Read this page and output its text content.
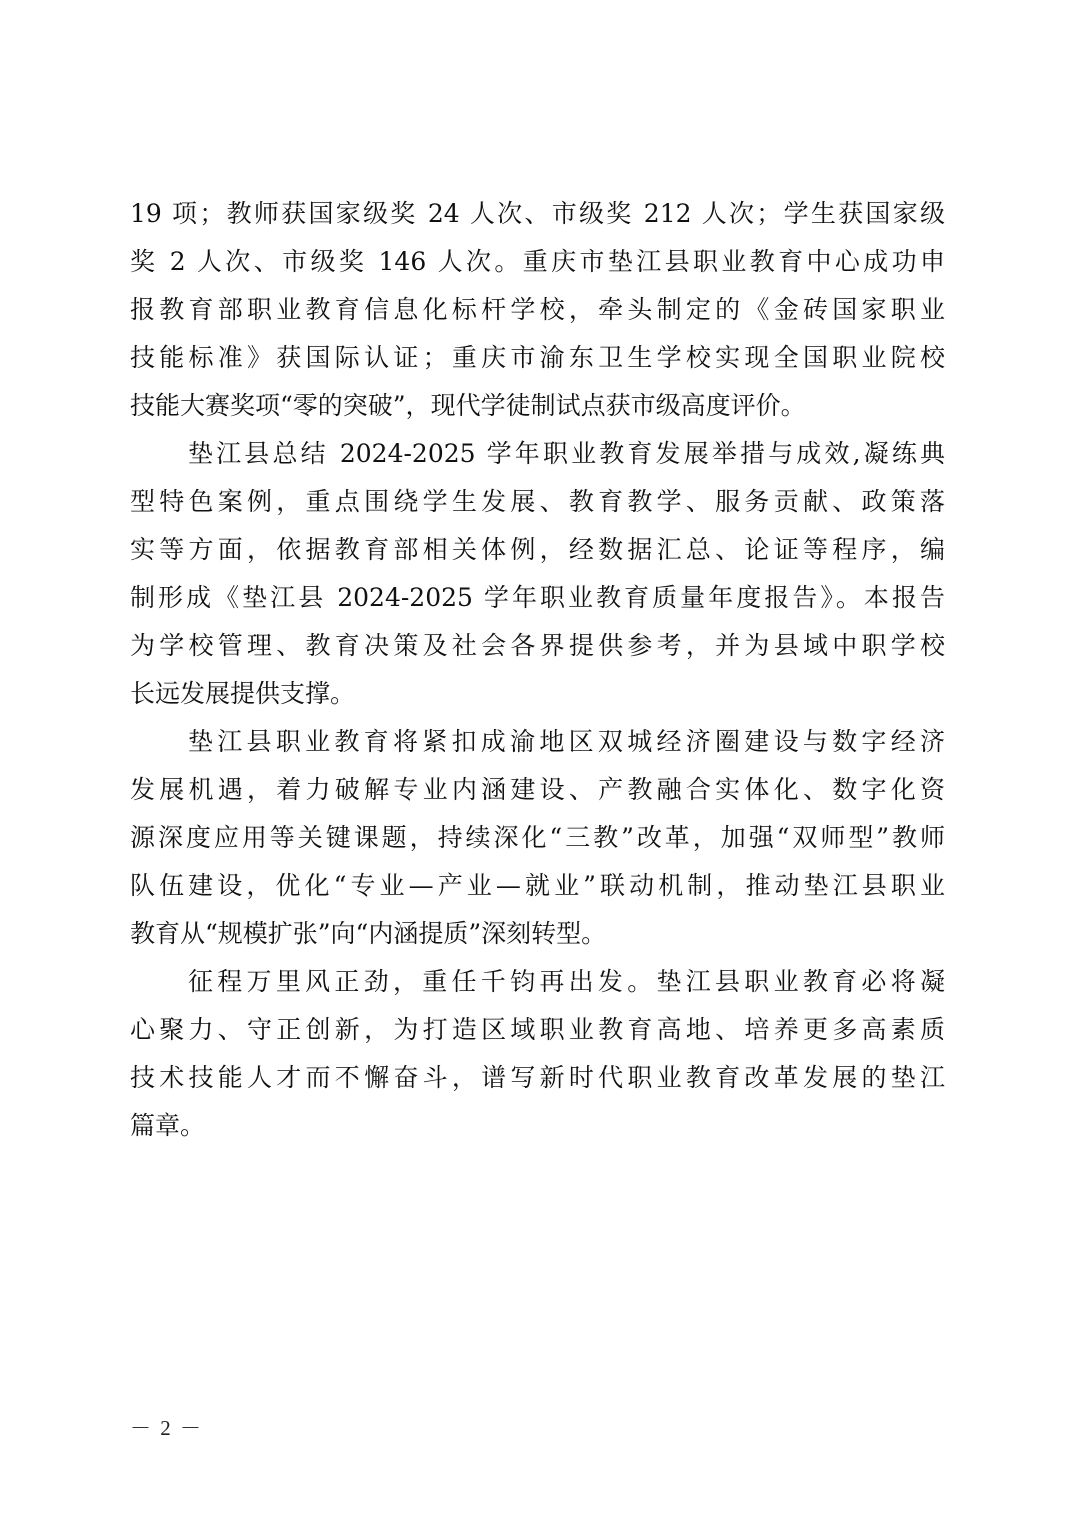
19 项；教师获国家级奖 24 人次、市级奖 212 人次；学生获国家级
奖 2 人次、市级奖 146 人次。重庆市垫江县职业教育中心成功申
报教育部职业教育信息化标杆学校，牵头制定的《金砖国家职业
技能标准》获国际认证；重庆市渝东卫生学校实现全国职业院校
技能大赛奖项“零的突破”，现代学徒制试点获市级高度评价。
垫江县总结 2024-2025 学年职业教育发展举措与成效,凝练典
型特色案例，重点围绕学生发展、教育教学、服务贡献、政策落
实等方面，依据教育部相关体例，经数据汇总、论证等程序，编
制形成《垫江县 2024-2025 学年职业教育质量年度报告》。本报告
为学校管理、教育决策及社会各界提供参考，并为县域中职学校
长远发展提供支撑。
垫江县职业教育将紧扣成渝地区双城经济圈建设与数字经济
发展机遇，着力破解专业内涵建设、产教融合实体化、数字化资
源深度应用等关键课题，持续深化“三教”改革，加强“双师型”教师
队伍建设，优化“专业—产业—就业”联动机制，推动垫江县职业
教育从“规模扩张”向“内涵提质”深刻转型。
征程万里风正劲，重任千钧再出发。垫江县职业教育必将凝
心聚力、守正创新，为打造区域职业教育高地、培养更多高素质
技术技能人才而不懈奋斗，谱写新时代职业教育改革发展的垫江
篇章。
－ 2 －
